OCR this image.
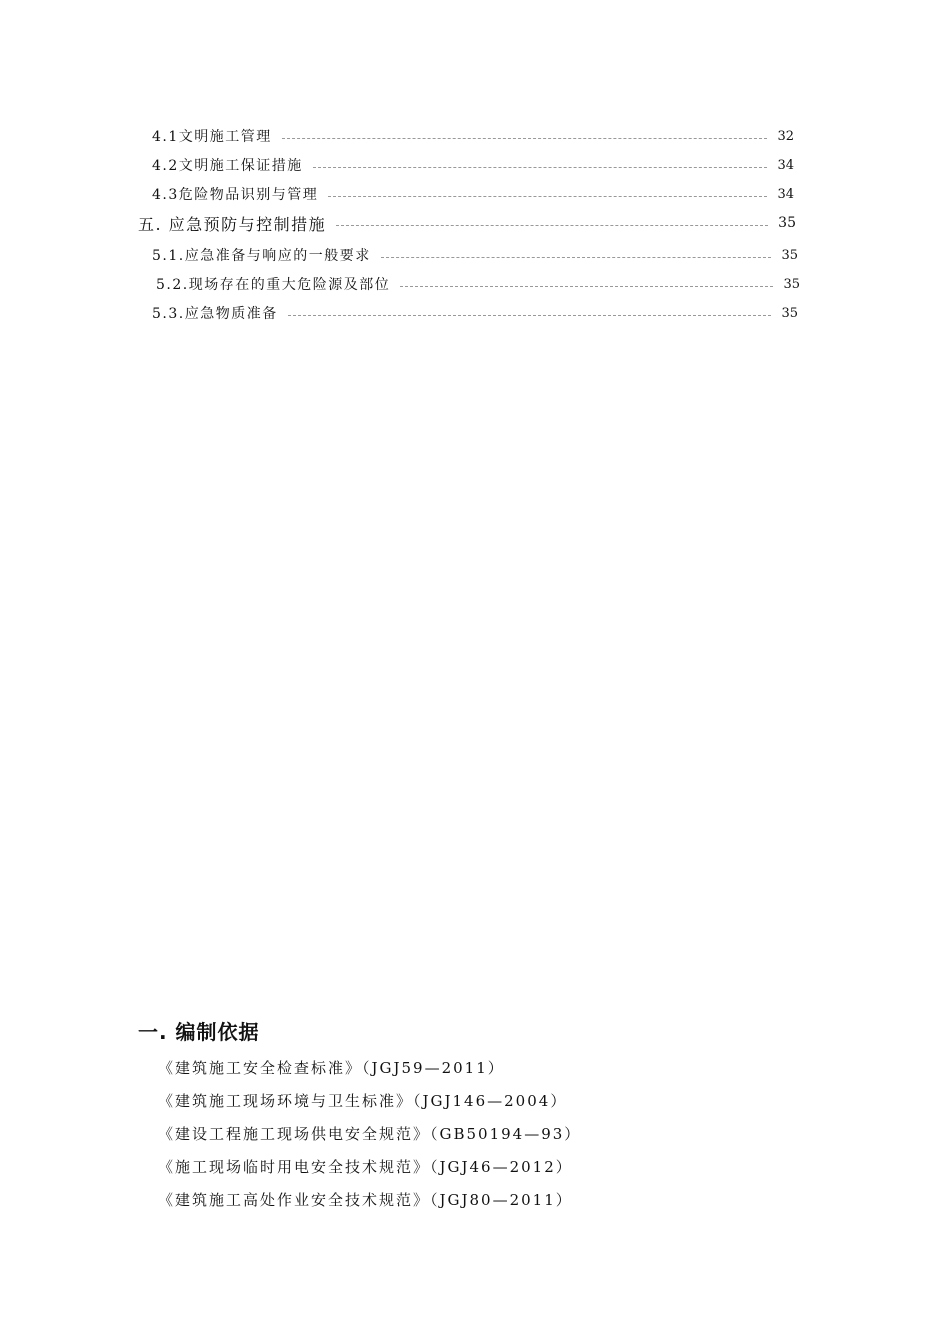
4.1文明施工管理	32
4.2文明施工保证措施	34
4.3危险物品识别与管理	34
五. 应急预防与控制措施	35
5.1.应急准备与响应的一般要求	35
5.2.现场存在的重大危险源及部位	35
5.3.应急物质准备	35
一. 编制依据
《建筑施工安全检查标准》（JGJ59—2011）
《建筑施工现场环境与卫生标准》（JGJ146—2004）
《建设工程施工现场供电安全规范》（GB50194—93）
《施工现场临时用电安全技术规范》（JGJ46—2012）
《建筑施工高处作业安全技术规范》（JGJ80—2011）
